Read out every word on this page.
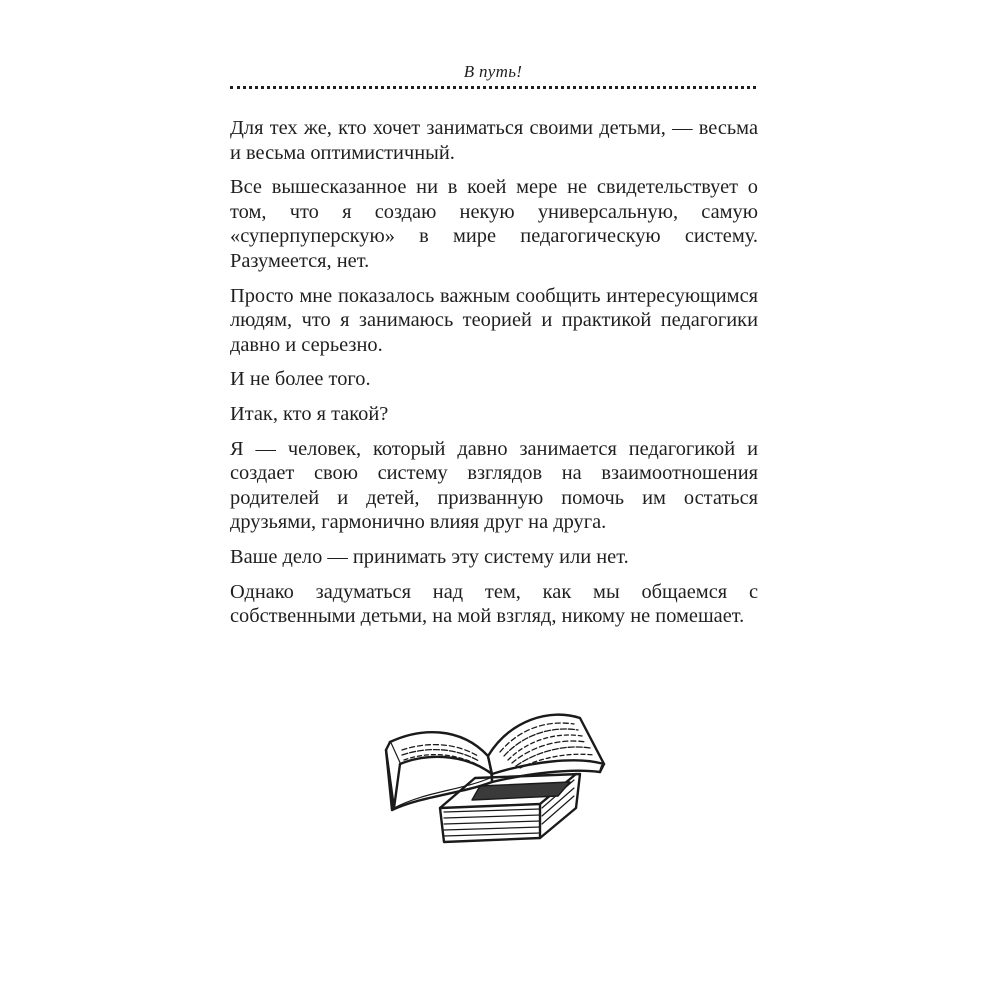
В путь!

Для тех же, кто хочет заниматься своими детьми, — весьма и весьма оптимистичный.

Все вышесказанное ни в коей мере не свидетельствует о том, что я создаю некую универсальную, самую «суперпуперскую» в мире педагогическую систему. Разумеется, нет.

Просто мне показалось важным сообщить интересующимся людям, что я занимаюсь теорией и практикой педагогики давно и серьезно.

И не более того.

Итак, кто я такой?

Я — человек, который давно занимается педагогикой и создает свою систему взглядов на взаимоотношения родителей и детей, призванную помочь им остаться друзьями, гармонично влияя друг на друга.

Ваше дело — принимать эту систему или нет.

Однако задуматься над тем, как мы общаемся с собственными детьми, на мой взгляд, никому не помешает.
